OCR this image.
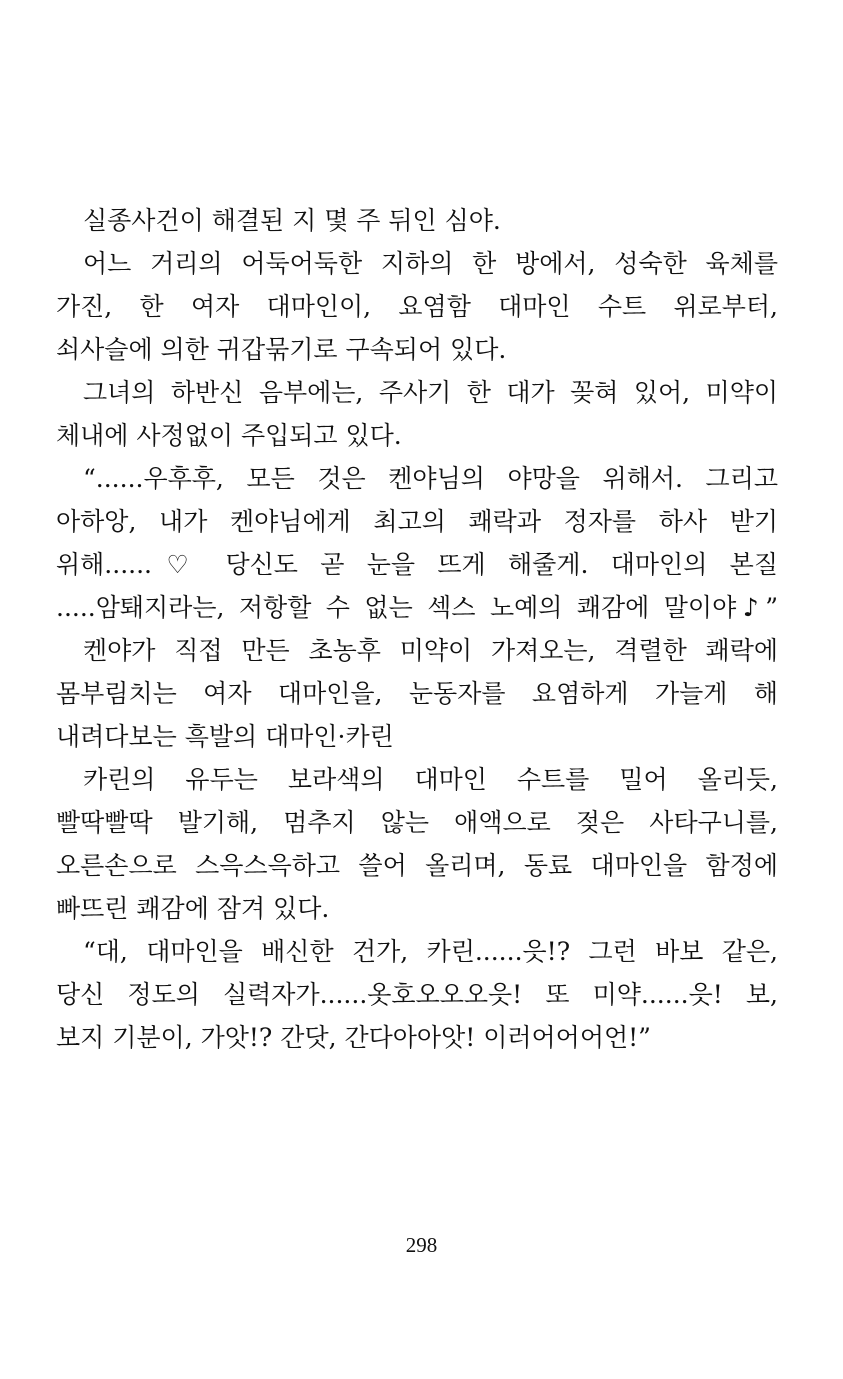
실종사건이 해결된 지 몇 주 뒤인 심야.
어느 거리의 어둑어둑한 지하의 한 방에서, 성숙한 육체를
가진, 한 여자 대마인이, 요염함 대마인 수트 위로부터,
쇠사슬에 의한 귀갑묶기로 구속되어 있다.
그녀의 하반신 음부에는, 주사기 한 대가 꽂혀 있어, 미약이
체내에 사정없이 주입되고 있다.
“......우후후, 모든 것은 켄야님의 야망을 위해서. 그리고
아하앙, 내가 켄야님에게 최고의 쾌락과 정자를 하사 받기
위해......♡ 당신도 곧 눈을 뜨게 해줄게. 대마인의 본질
.....암퇘지라는, 저항할 수 없는 섹스 노예의 쾌감에 말이야♪”
켄야가 직접 만든 초농후 미약이 가져오는, 격렬한 쾌락에
몸부림치는 여자 대마인을, 눈동자를 요염하게 가늘게 해
내려다보는 흑발의 대마인·카린
카린의 유두는 보라색의 대마인 수트를 밀어 올리듯,
빨딱빨딱 발기해, 멈추지 않는 애액으로 젖은 사타구니를,
오른손으로 스윽스윽하고 쓸어 올리며, 동료 대마인을 함정에
빠뜨린 쾌감에 잠겨 있다.
“대, 대마인을 배신한 건가, 카린......읏!? 그런 바보 같은,
당신 정도의 실력자가......옷호오오오읏! 또 미약......읏! 보,
보지 기분이, 가앗!? 간닷, 간다아아앗! 이러어어어언!”
298
